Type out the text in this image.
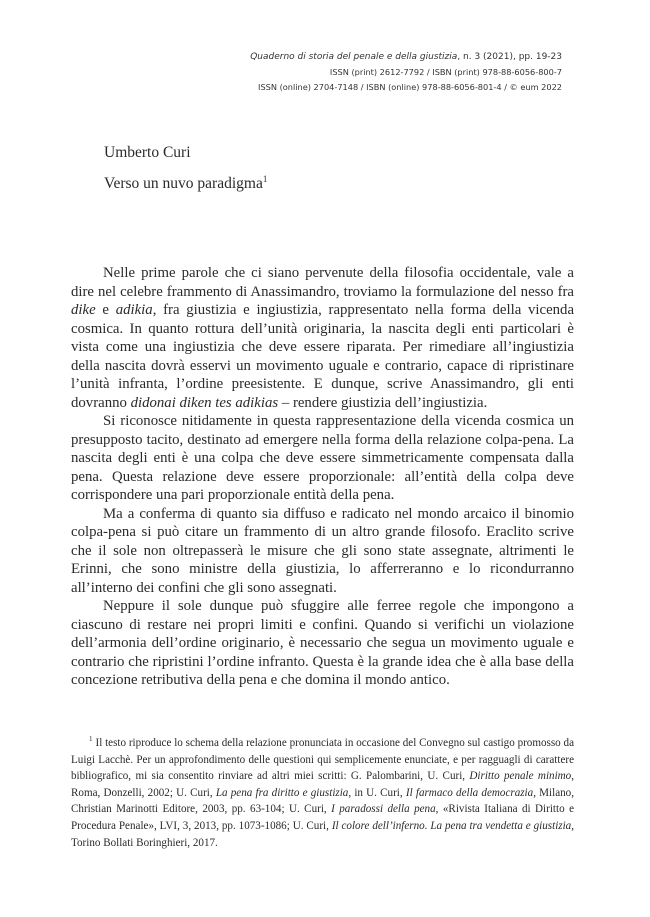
Quaderno di storia del penale e della giustizia, n. 3 (2021), pp. 19-23
ISSN (print) 2612-7792 / ISBN (print) 978-88-6056-800-7
ISSN (online) 2704-7148 / ISBN (online) 978-88-6056-801-4 / © eum 2022
Umberto Curi
Verso un nuvo paradigma$^1$

Nelle prime parole che ci siano pervenute della filosofia occidentale, vale a dire nel celebre frammento di Anassimandro, troviamo la formulazione del nesso fra dike e adikia, fra giustizia e ingiustizia, rappresentato nella forma della vicenda cosmica. In quanto rottura dell’unità originaria, la nascita degli enti particolari è vista come una ingiustizia che deve essere riparata. Per rimediare all’ingiustizia della nascita dovrà esservi un movimento uguale e contrario, capace di ripristinare l’unità infranta, l’ordine preesistente. E dunque, scrive Anassimandro, gli enti dovranno didonai diken tes adikias – rendere giustizia dell’ingiustizia.

Si riconosce nitidamente in questa rappresentazione della vicenda cosmica un presupposto tacito, destinato ad emergere nella forma della relazione colpa-pena. La nascita degli enti è una colpa che deve essere simmetricamente compensata dalla pena. Questa relazione deve essere proporzionale: all’entità della colpa deve corrispondere una pari proporzionale entità della pena.

Ma a conferma di quanto sia diffuso e radicato nel mondo arcaico il binomio colpa-pena si può citare un frammento di un altro grande filosofo. Eraclito scrive che il sole non oltrepasserà le misure che gli sono state assegnate, altrimenti le Erinni, che sono ministre della giustizia, lo afferreranno e lo ricondurranno all’interno dei confini che gli sono assegnati.

Neppure il sole dunque può sfuggire alle ferree regole che impongono a ciascuno di restare nei propri limiti e confini. Quando si verifichi un violazione dell’armonia dell’ordine originario, è necessario che segua un movimento uguale e contrario che ripristini l’ordine infranto. Questa è la grande idea che è alla base della concezione retributiva della pena e che domina il mondo antico.

$^1$ Il testo riproduce lo schema della relazione pronunciata in occasione del Convegno sul castigo promosso da Luigi Lacchè. Per un approfondimento delle questioni qui semplicemente enunciate, e per ragguagli di carattere bibliografico, mi sia consentito rinviare ad altri miei scritti: G. Palombarini, U. Curi, Diritto penale minimo, Roma, Donzelli, 2002; U. Curi, La pena fra diritto e giustizia, in U. Curi, Il farmaco della democrazia, Milano, Christian Marinotti Editore, 2003, pp. 63-104; U. Curi, I paradossi della pena, «Rivista Italiana di Diritto e Procedura Penale», LVI, 3, 2013, pp. 1073-1086; U. Curi, Il colore dell’inferno. La pena tra vendetta e giustizia, Torino Bollati Boringhieri, 2017.
